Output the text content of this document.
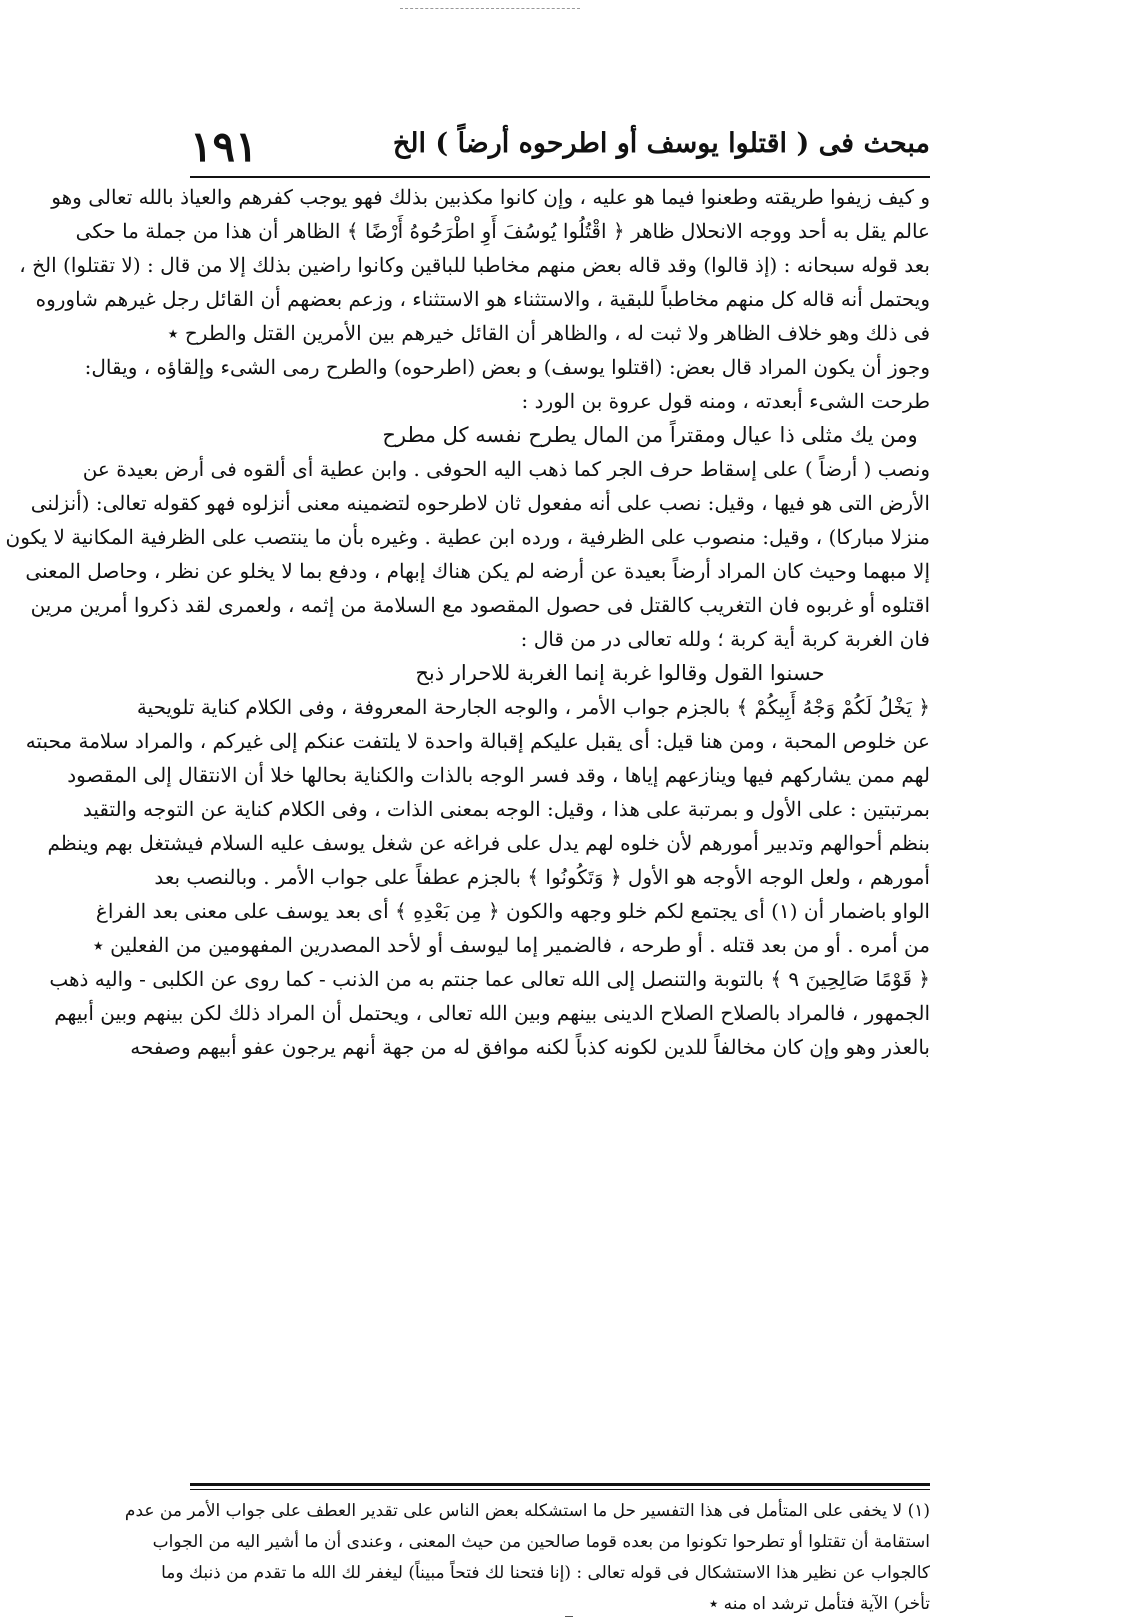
مبحث فى ( اقتلوا يوسف أو اطرحوه أرضاً ) الخ
١٩١
و كيف زيفوا طريقته وطعنوا فيما هو عليه ، وإن كانوا مكذبين بذلك فهو يوجب كفرهم والعياذ بالله تعالى وهو
عالم يقل به أحد ووجه الانحلال ظاهر ﴿ اقْتُلُوا يُوسُفَ أَوِ اطْرَحُوهُ أَرْضًا ﴾ الظاهر أن هذا من جملة ما حكى
بعد قوله سبحانه : (إذ قالوا) وقد قاله بعض منهم مخاطبا للباقين وكانوا راضين بذلك إلا من قال : (لا تقتلوا) الخ ،
ويحتمل أنه قاله كل منهم مخاطباً للبقية ، والاستثناء هو الاستثناء ، وزعم بعضهم أن القائل رجل غيرهم شاوروه
فى ذلك وهو خلاف الظاهر ولا ثبت له ، والظاهر أن القائل خيرهم بين الأمرين القتل والطرح ٭
وجوز أن يكون المراد قال بعض: (اقتلوا يوسف) و بعض (اطرحوه) والطرح رمى الشىء وإلقاؤه ، ويقال:
طرحت الشىء أبعدته ، ومنه قول عروة بن الورد :
ومن يك مثلى ذا عيال ومقتراً من المال يطرح نفسه كل مطرح
ونصب ( أرضاً ) على إسقاط حرف الجر كما ذهب اليه الحوفى . وابن عطية أى ألقوه فى أرض بعيدة عن
الأرض التى هو فيها ، وقيل: نصب على أنه مفعول ثان لاطرحوه لتضمينه معنى أنزلوه فهو كقوله تعالى: (أنزلنى
منزلا مباركا) ، وقيل: منصوب على الظرفية ، ورده ابن عطية . وغيره بأن ما ينتصب على الظرفية المكانية لا يكون
إلا مبهما وحيث كان المراد أرضاً بعيدة عن أرضه لم يكن هناك إبهام ، ودفع بما لا يخلو عن نظر ، وحاصل المعنى
اقتلوه أو غربوه فان التغريب كالقتل فى حصول المقصود مع السلامة من إثمه ، ولعمرى لقد ذكروا أمرين مرين
فان الغربة كربة أية كربة ؛ ولله تعالى در من قال :
حسنوا القول وقالوا غربة إنما الغربة للاحرار ذبح
﴿ يَخْلُ لَكُمْ وَجْهُ أَبِيكُمْ ﴾ بالجزم جواب الأمر ، والوجه الجارحة المعروفة ، وفى الكلام كناية تلويحية
عن خلوص المحبة ، ومن هنا قيل: أى يقبل عليكم إقبالة واحدة لا يلتفت عنكم إلى غيركم ، والمراد سلامة محبته
لهم ممن يشاركهم فيها وينازعهم إياها ، وقد فسر الوجه بالذات والكناية بحالها خلا أن الانتقال إلى المقصود
بمرتبتين : على الأول و بمرتبة على هذا ، وقيل: الوجه بمعنى الذات ، وفى الكلام كناية عن التوجه والتقيد
بنظم أحوالهم وتدبير أمورهم لأن خلوه لهم يدل على فراغه عن شغل يوسف عليه السلام فيشتغل بهم وينظم
أمورهم ، ولعل الوجه الأوجه هو الأول ﴿ وَتَكُونُوا ﴾ بالجزم عطفاً على جواب الأمر . وبالنصب بعد
الواو باضمار أن (١) أى يجتمع لكم خلو وجهه والكون ﴿ مِن بَعْدِهِ ﴾ أى بعد يوسف على معنى بعد الفراغ
من أمره . أو من بعد قتله . أو طرحه ، فالضمير إما ليوسف أو لأحد المصدرين المفهومين من الفعلين ٭
﴿ قَوْمًا صَالِحِينَ ٩ ﴾ بالتوبة والتنصل إلى الله تعالى عما جنتم به من الذنب - كما روى عن الكلبى - واليه ذهب
الجمهور ، فالمراد بالصلاح الصلاح الدينى بينهم وبين الله تعالى ، ويحتمل أن المراد ذلك لكن بينهم وبين أبيهم
بالعذر وهو وإن كان مخالفاً للدين لكونه كذباً لكنه موافق له من جهة أنهم يرجون عفو أبيهم وصفحه
(١) لا يخفى على المتأمل فى هذا التفسير حل ما استشكله بعض الناس على تقدير العطف على جواب الأمر من عدم
استقامة أن تقتلوا أو تطرحوا تكونوا من بعده قوما صالحين من حيث المعنى ، وعندى أن ما أشير اليه من الجواب
كالجواب عن نظير هذا الاستشكال فى قوله تعالى : (إنا فتحنا لك فتحاً مبيناً) ليغفر لك الله ما تقدم من ذنبك وما
تأخر) الآية فتأمل ترشد اه منه ٭
